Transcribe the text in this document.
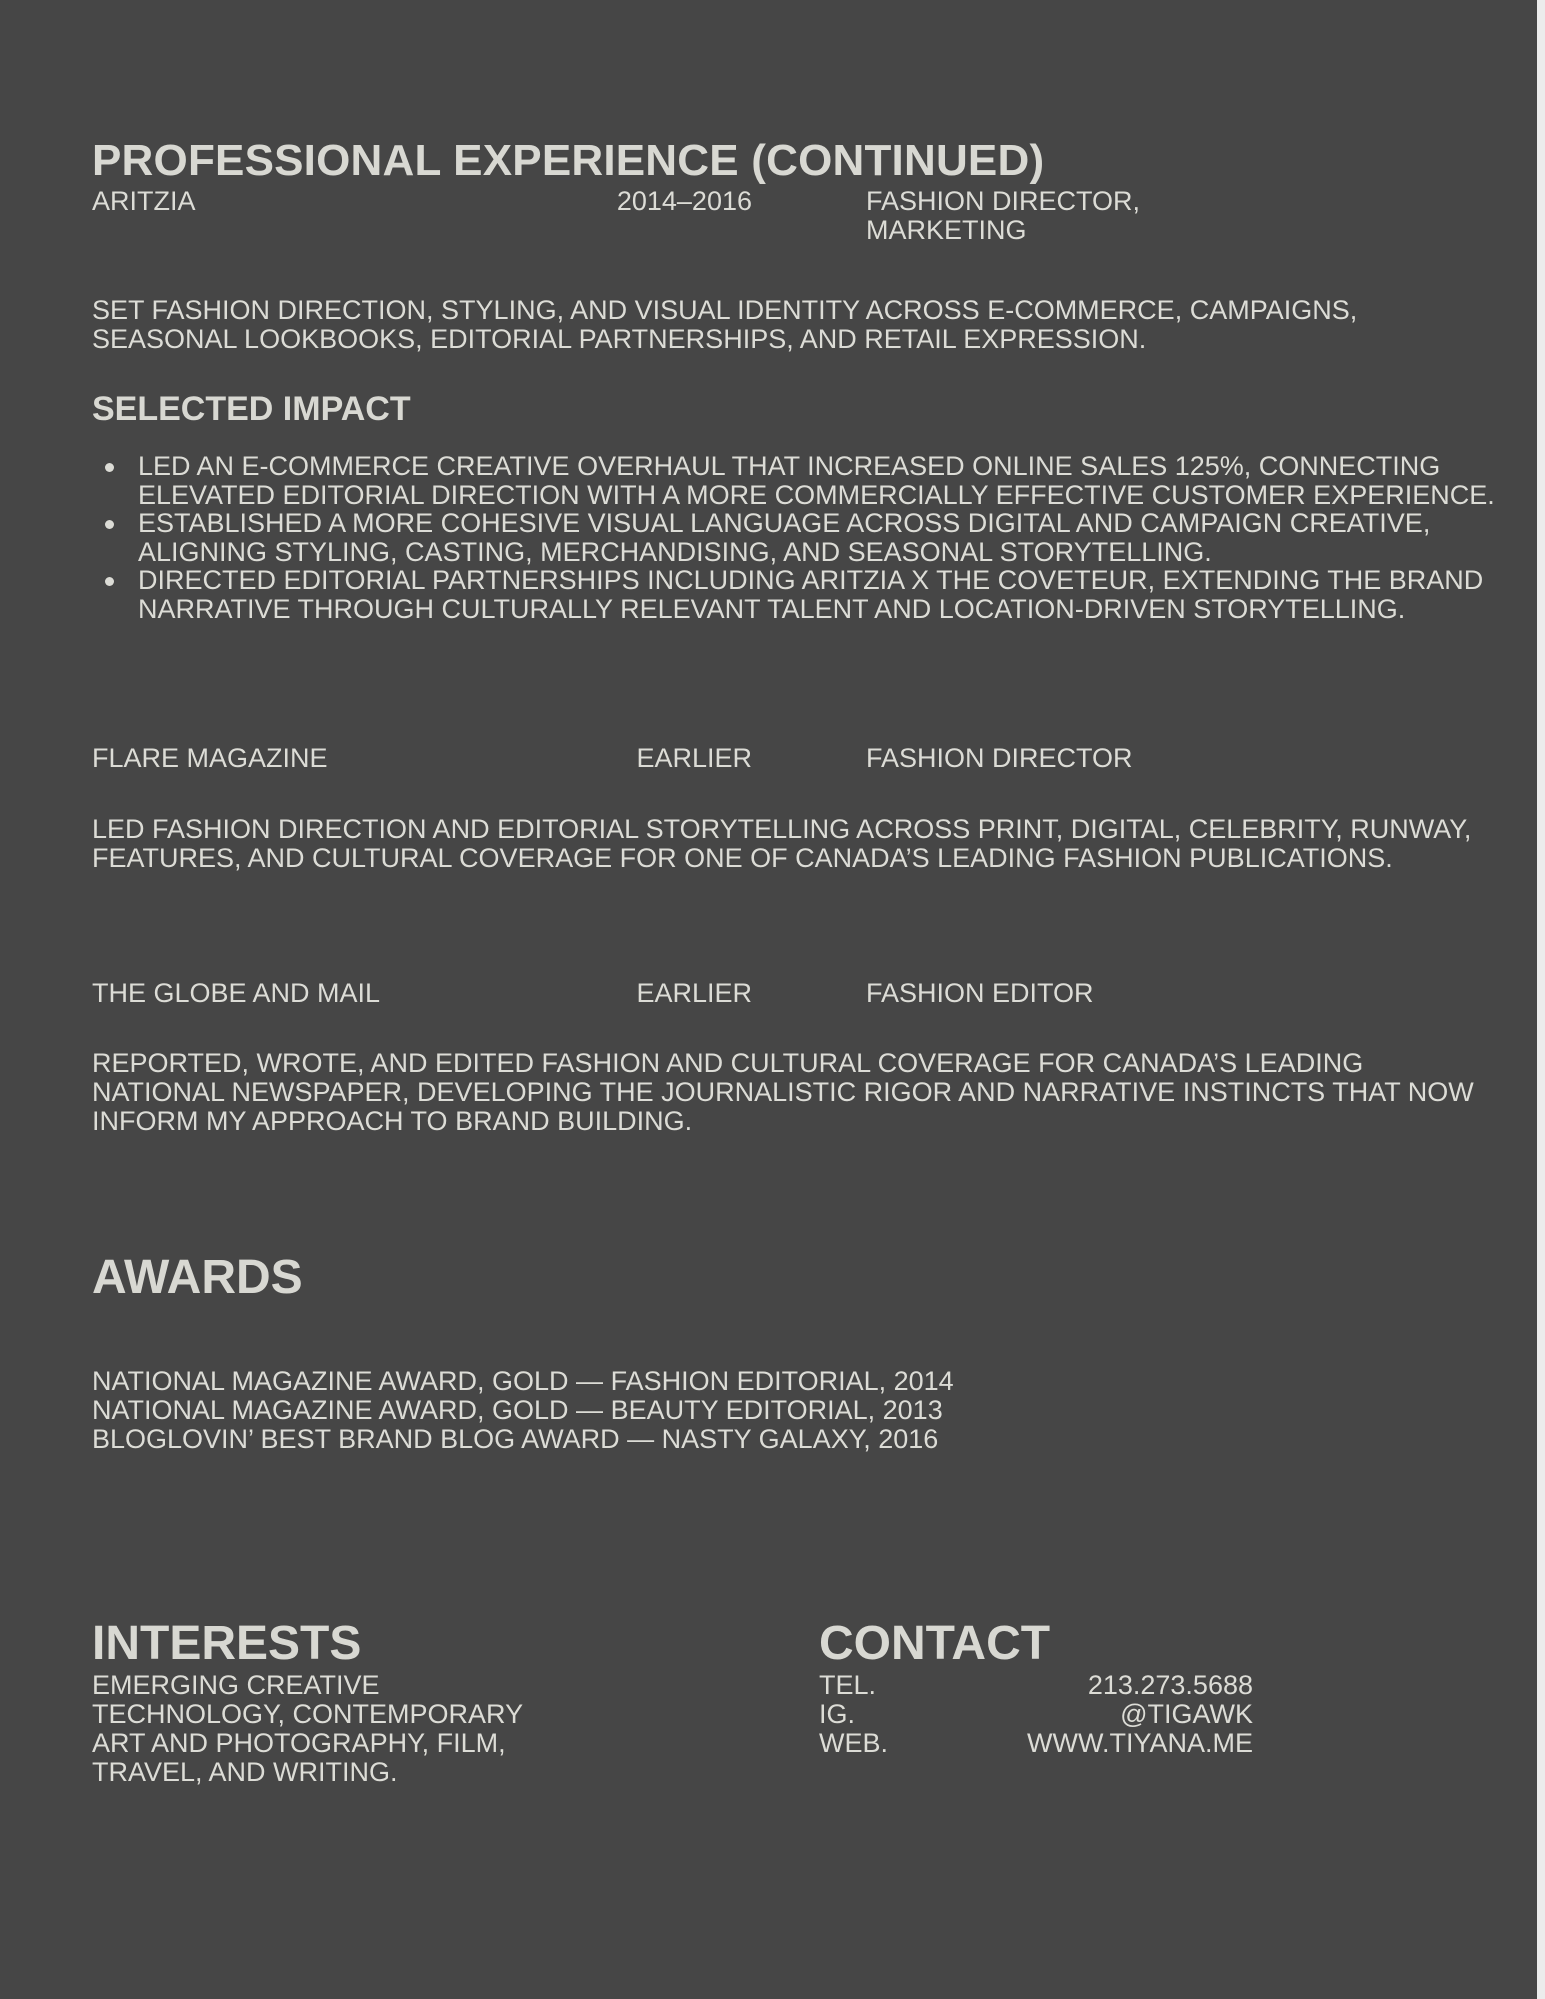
PROFESSIONAL EXPERIENCE (CONTINUED)
ARITZIA	2014–2016	FASHION DIRECTOR, MARKETING
SET FASHION DIRECTION, STYLING, AND VISUAL IDENTITY ACROSS E-COMMERCE, CAMPAIGNS, SEASONAL LOOKBOOKS, EDITORIAL PARTNERSHIPS, AND RETAIL EXPRESSION.
SELECTED IMPACT
LED AN E-COMMERCE CREATIVE OVERHAUL THAT INCREASED ONLINE SALES 125%, CONNECTING ELEVATED EDITORIAL DIRECTION WITH A MORE COMMERCIALLY EFFECTIVE CUSTOMER EXPERIENCE.
ESTABLISHED A MORE COHESIVE VISUAL LANGUAGE ACROSS DIGITAL AND CAMPAIGN CREATIVE, ALIGNING STYLING, CASTING, MERCHANDISING, AND SEASONAL STORYTELLING.
DIRECTED EDITORIAL PARTNERSHIPS INCLUDING ARITZIA X THE COVETEUR, EXTENDING THE BRAND NARRATIVE THROUGH CULTURALLY RELEVANT TALENT AND LOCATION-DRIVEN STORYTELLING.
FLARE MAGAZINE	EARLIER	FASHION DIRECTOR
LED FASHION DIRECTION AND EDITORIAL STORYTELLING ACROSS PRINT, DIGITAL, CELEBRITY, RUNWAY, FEATURES, AND CULTURAL COVERAGE FOR ONE OF CANADA’S LEADING FASHION PUBLICATIONS.
THE GLOBE AND MAIL	EARLIER	FASHION EDITOR
REPORTED, WROTE, AND EDITED FASHION AND CULTURAL COVERAGE FOR CANADA’S LEADING NATIONAL NEWSPAPER, DEVELOPING THE JOURNALISTIC RIGOR AND NARRATIVE INSTINCTS THAT NOW INFORM MY APPROACH TO BRAND BUILDING.
AWARDS
NATIONAL MAGAZINE AWARD, GOLD — FASHION EDITORIAL, 2014
NATIONAL MAGAZINE AWARD, GOLD — BEAUTY EDITORIAL, 2013
BLOGLOVIN’ BEST BRAND BLOG AWARD — NASTY GALAXY, 2016
INTERESTS
EMERGING CREATIVE TECHNOLOGY, CONTEMPORARY ART AND PHOTOGRAPHY, FILM, TRAVEL, AND WRITING.
CONTACT
TEL.	213.273.5688
IG.	@TIGAWK
WEB.	WWW.TIYANA.ME
